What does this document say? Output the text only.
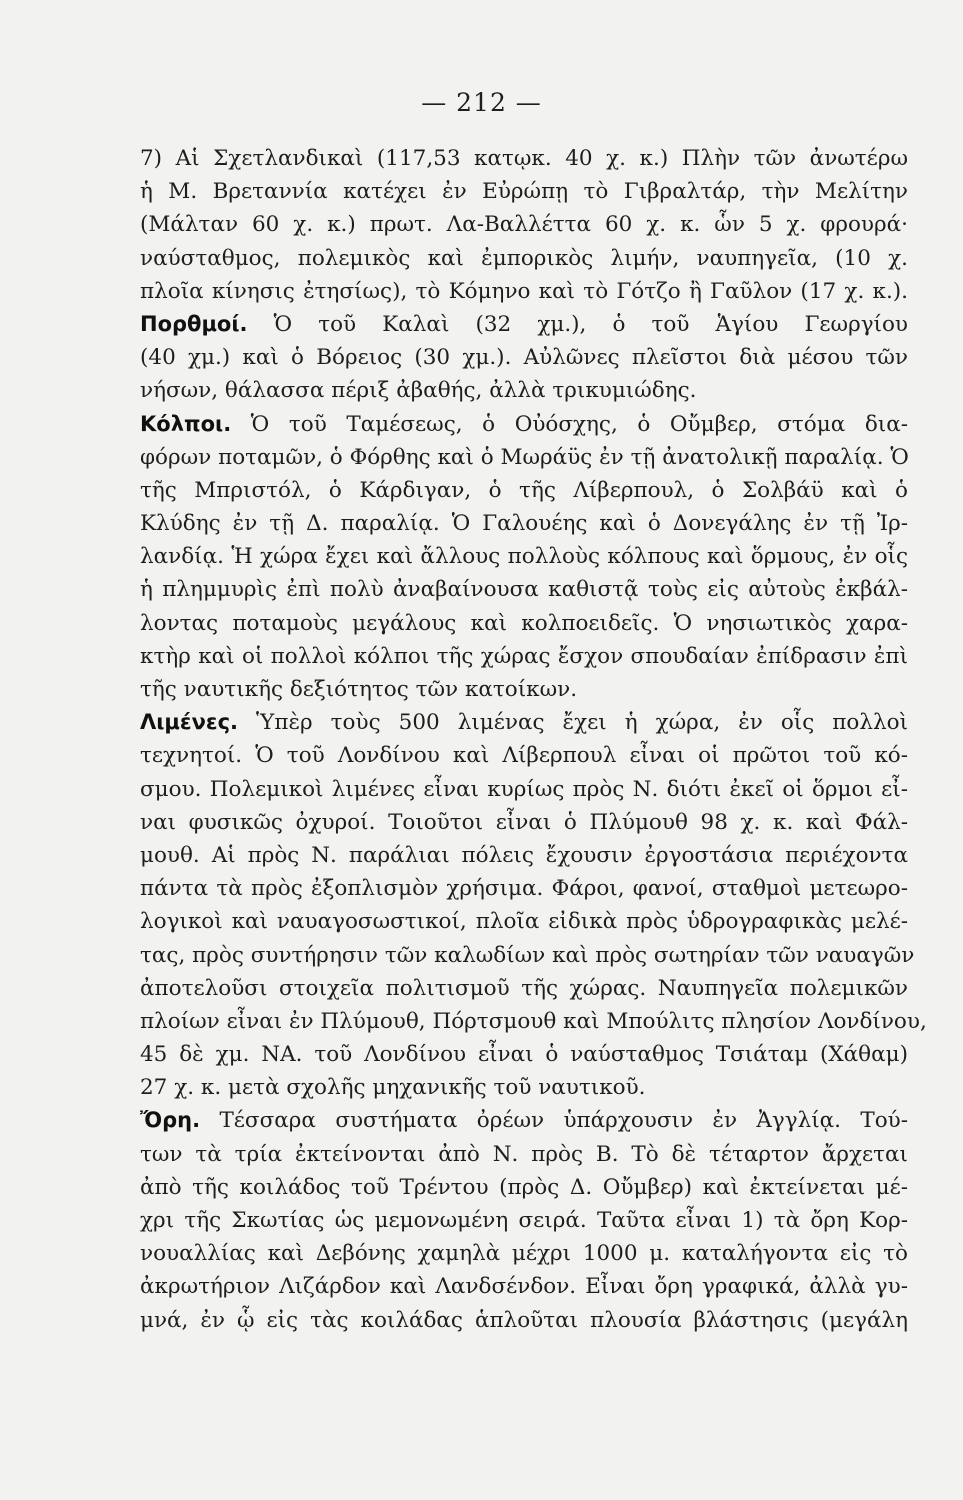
— 212 —
7) Αἱ Σχετλανδικαὶ (117,53 κατῳκ. 40 χ. κ.) Πλὴν τῶν ἀνωτέρω
ἡ Μ. Βρεταννία κατέχει ἐν Εὐρώπῃ τὸ Γιβραλτάρ, τὴν Μελίτην
(Μάλταν 60 χ. κ.) πρωτ. Λα-Βαλλέττα 60 χ. κ. ὧν 5 χ. φρουρά·
ναύσταθμος, πολεμικὸς καὶ ἐμπορικὸς λιμήν, ναυπηγεῖα, (10 χ.
πλοῖα κίνησις ἐτησίως), τὸ Κόμηνο καὶ τὸ Γότζο ἢ Γαῦλον (17 χ. κ.).
Πορθμοί. Ὁ τοῦ Καλαὶ (32 χμ.), ὁ τοῦ Ἁγίου Γεωργίου
(40 χμ.) καὶ ὁ Βόρειος (30 χμ.). Αὐλῶνες πλεῖστοι διὰ μέσου τῶν
νήσων, θάλασσα πέριξ ἀβαθής, ἀλλὰ τρικυμιώδης.
Κόλποι. Ὁ τοῦ Ταμέσεως, ὁ Οὐόσχης, ὁ Οὔμβερ, στόμα δια-
φόρων ποταμῶν, ὁ Φόρθης καὶ ὁ Μωράϋς ἐν τῇ ἀνατολικῇ παραλίᾳ. Ὁ
τῆς Μπριστόλ, ὁ Κάρδιγαν, ὁ τῆς Λίβερπουλ, ὁ Σολβάϋ καὶ ὁ
Κλύδης ἐν τῇ Δ. παραλίᾳ. Ὁ Γαλουέης καὶ ὁ Δονεγάλης ἐν τῇ Ἰρ-
λανδίᾳ. Ἡ χώρα ἔχει καὶ ἄλλους πολλοὺς κόλπους καὶ ὅρμους, ἐν οἷς
ἡ πλημμυρὶς ἐπὶ πολὺ ἀναβαίνουσα καθιστᾷ τοὺς εἰς αὐτοὺς ἐκβάλ-
λοντας ποταμοὺς μεγάλους καὶ κολποειδεῖς. Ὁ νησιωτικὸς χαρα-
κτὴρ καὶ οἱ πολλοὶ κόλποι τῆς χώρας ἔσχον σπουδαίαν ἐπίδρασιν ἐπὶ
τῆς ναυτικῆς δεξιότητος τῶν κατοίκων.
Λιμένες. Ὑπὲρ τοὺς 500 λιμένας ἔχει ἡ χώρα, ἐν οἷς πολλοὶ
τεχνητοί. Ὁ τοῦ Λονδίνου καὶ Λίβερπουλ εἶναι οἱ πρῶτοι τοῦ κό-
σμου. Πολεμικοὶ λιμένες εἶναι κυρίως πρὸς Ν. διότι ἐκεῖ οἱ ὅρμοι εἶ-
ναι φυσικῶς ὀχυροί. Τοιοῦτοι εἶναι ὁ Πλύμουθ 98 χ. κ. καὶ Φάλ-
μουθ. Αἱ πρὸς Ν. παράλιαι πόλεις ἔχουσιν ἐργοστάσια περιέχοντα
πάντα τὰ πρὸς ἐξοπλισμὸν χρήσιμα. Φάροι, φανοί, σταθμοὶ μετεωρο-
λογικοὶ καὶ ναυαγοσωστικοί, πλοῖα εἰδικὰ πρὸς ὑδρογραφικὰς μελέ-
τας, πρὸς συντήρησιν τῶν καλωδίων καὶ πρὸς σωτηρίαν τῶν ναυαγῶν
ἀποτελοῦσι στοιχεῖα πολιτισμοῦ τῆς χώρας. Ναυπηγεῖα πολεμικῶν
πλοίων εἶναι ἐν Πλύμουθ, Πόρτσμουθ καὶ Μπούλιτς πλησίον Λονδίνου,
45 δὲ χμ. ΝΑ. τοῦ Λονδίνου εἶναι ὁ ναύσταθμος Τσιάταμ (Χάθαμ)
27 χ. κ. μετὰ σχολῆς μηχανικῆς τοῦ ναυτικοῦ.
Ὄρη. Τέσσαρα συστήματα ὀρέων ὑπάρχουσιν ἐν Ἀγγλίᾳ. Τού-
των τὰ τρία ἐκτείνονται ἀπὸ Ν. πρὸς Β. Τὸ δὲ τέταρτον ἄρχεται
ἀπὸ τῆς κοιλάδος τοῦ Τρέντου (πρὸς Δ. Οὔμβερ) καὶ ἐκτείνεται μέ-
χρι τῆς Σκωτίας ὡς μεμονωμένη σειρά. Ταῦτα εἶναι 1) τὰ ὄρη Κορ-
νουαλλίας καὶ Δεβόνης χαμηλὰ μέχρι 1000 μ. καταλήγοντα εἰς τὸ
ἀκρωτήριον Λιζάρδον καὶ Λανδσένδον. Εἶναι ὄρη γραφικά, ἀλλὰ γυ-
μνά, ἐν ᾧ εἰς τὰς κοιλάδας ἁπλοῦται πλουσία βλάστησις (μεγάλη
